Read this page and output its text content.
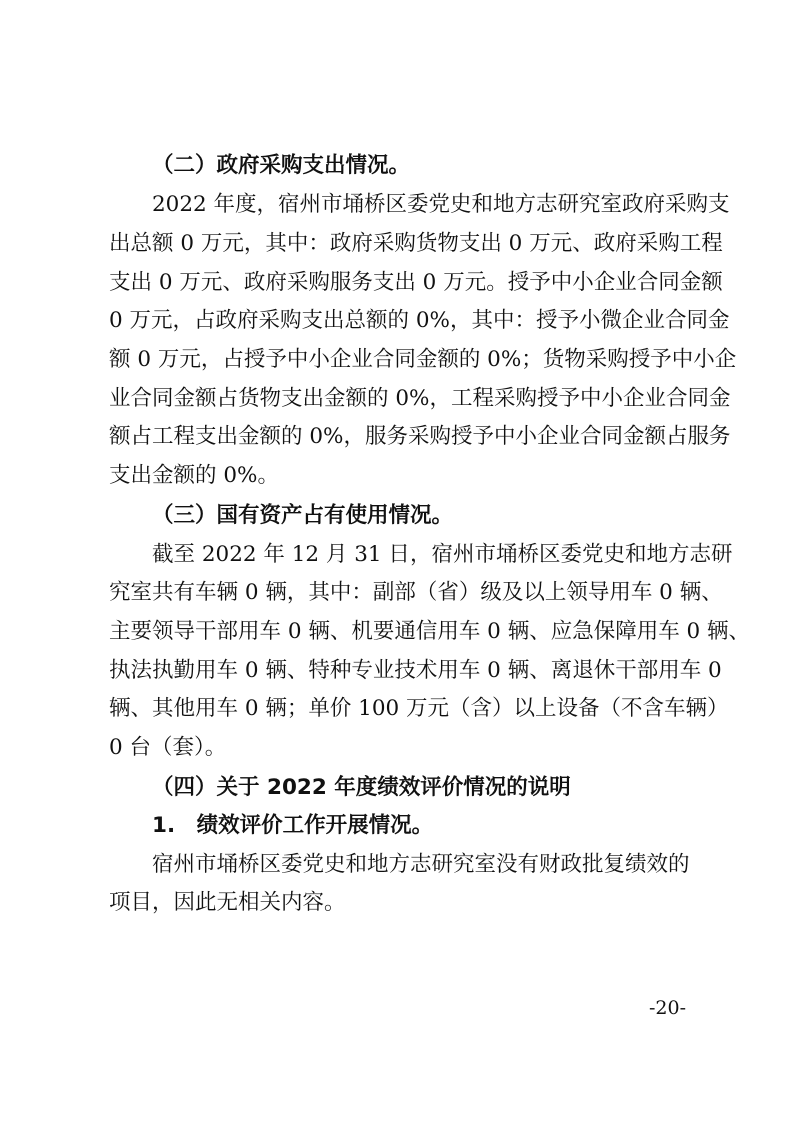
（二）政府采购支出情况。
2022 年度，宿州市埇桥区委党史和地方志研究室政府采购支
出总额 0 万元，其中：政府采购货物支出 0 万元、政府采购工程
支出 0 万元、政府采购服务支出 0 万元。授予中小企业合同金额
0 万元，占政府采购支出总额的 0%，其中：授予小微企业合同金
额 0 万元，占授予中小企业合同金额的 0%；货物采购授予中小企
业合同金额占货物支出金额的 0%，工程采购授予中小企业合同金
额占工程支出金额的 0%，服务采购授予中小企业合同金额占服务
支出金额的 0%。
（三）国有资产占有使用情况。
截至 2022 年 12 月 31 日，宿州市埇桥区委党史和地方志研
究室共有车辆 0 辆，其中：副部（省）级及以上领导用车 0 辆、
主要领导干部用车 0 辆、机要通信用车 0 辆、应急保障用车 0 辆、
执法执勤用车 0 辆、特种专业技术用车 0 辆、离退休干部用车 0
辆、其他用车 0 辆；单价 100 万元（含）以上设备（不含车辆）
0 台（套）。
（四）关于 2022 年度绩效评价情况的说明
1.　绩效评价工作开展情况。
宿州市埇桥区委党史和地方志研究室没有财政批复绩效的
项目，因此无相关内容。
-20-
